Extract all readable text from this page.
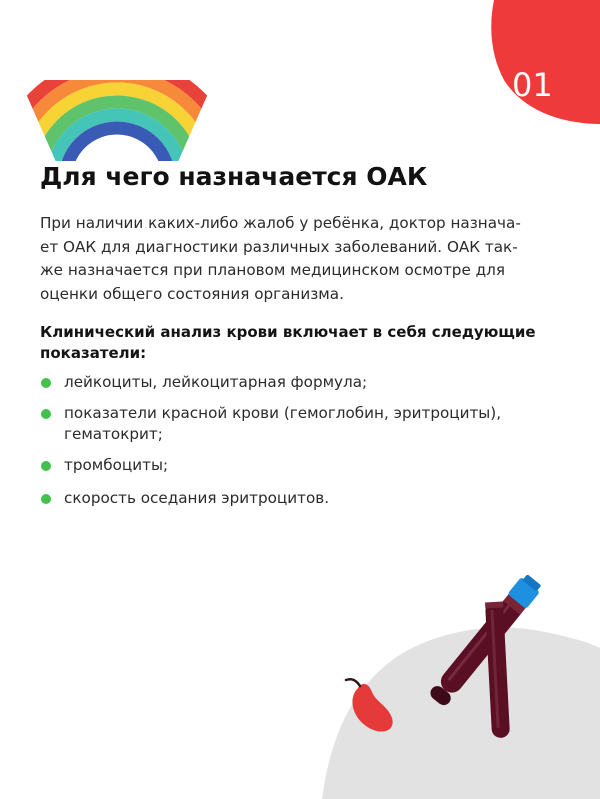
01
Для чего назначается ОАК

При наличии каких-либо жалоб у ребёнка, доктор назнача-
ет ОАК для диагностики различных заболеваний. ОАК так-
же назначается при плановом медицинском осмотре для
оценки общего состояния организма.

Клинический анализ крови включает в себя следующие показатели:

лейкоциты, лейкоцитарная формула;
показатели красной крови (гемоглобин, эритроциты),
гематокрит;
тромбоциты;
скорость оседания эритроцитов.
